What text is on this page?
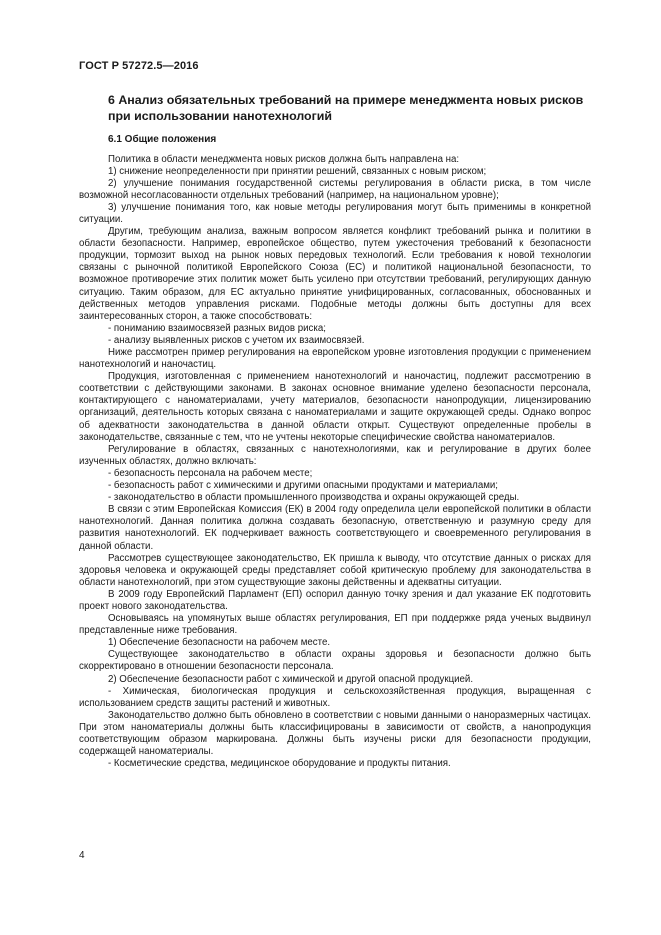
ГОСТ Р 57272.5—2016
6 Анализ обязательных требований на примере менеджмента новых рисков при использовании нанотехнологий
6.1 Общие положения

Политика в области менеджмента новых рисков должна быть направлена на:

1) снижение неопределенности при принятии решений, связанных с новым риском;

2) улучшение понимания государственной системы регулирования в области риска, в том числе возможной несогласованности отдельных требований (например, на национальном уровне);

3) улучшение понимания того, как новые методы регулирования могут быть применимы в конкретной ситуации.

Другим, требующим анализа, важным вопросом является конфликт требований рынка и политики в области безопасности. Например, европейское общество, путем ужесточения требований к безопасности продукции, тормозит выход на рынок новых передовых технологий. Если требования к новой технологии связаны с рыночной политикой Европейского Союза (ЕС) и политикой национальной безопасности, то возможное противоречие этих политик может быть усилено при отсутствии требований, регулирующих данную ситуацию. Таким образом, для ЕС актуально принятие унифицированных, согласованных, обоснованных и действенных методов управления рисками. Подобные методы должны быть доступны для всех заинтересованных сторон, а также способствовать:

- пониманию взаимосвязей разных видов риска;

- анализу выявленных рисков с учетом их взаимосвязей.

Ниже рассмотрен пример регулирования на европейском уровне изготовления продукции с применением нанотехнологий и наночастиц.

Продукция, изготовленная с применением нанотехнологий и наночастиц, подлежит рассмотрению в соответствии с действующими законами. В законах основное внимание уделено безопасности персонала, контактирующего с наноматериалами, учету материалов, безопасности нанопродукции, лицензированию организаций, деятельность которых связана с наноматериалами и защите окружающей среды. Однако вопрос об адекватности законодательства в данной области открыт. Существуют определенные пробелы в законодательстве, связанные с тем, что не учтены некоторые специфические свойства наноматериалов.

Регулирование в областях, связанных с нанотехнологиями, как и регулирование в других более изученных областях, должно включать:

- безопасность персонала на рабочем месте;

- безопасность работ с химическими и другими опасными продуктами и материалами;

- законодательство в области промышленного производства и охраны окружающей среды.

В связи с этим Европейская Комиссия (ЕК) в 2004 году определила цели европейской политики в области нанотехнологий. Данная политика должна создавать безопасную, ответственную и разумную среду для развития нанотехнологий. ЕК подчеркивает важность соответствующего и своевременного регулирования в данной области.

Рассмотрев существующее законодательство, ЕК пришла к выводу, что отсутствие данных о рисках для здоровья человека и окружающей среды представляет собой критическую проблему для законодательства в области нанотехнологий, при этом существующие законы действенны и адекватны ситуации.

В 2009 году Европейский Парламент (ЕП) оспорил данную точку зрения и дал указание ЕК подготовить проект нового законодательства.

Основываясь на упомянутых выше областях регулирования, ЕП при поддержке ряда ученых выдвинул представленные ниже требования.

1) Обеспечение безопасности на рабочем месте.

Существующее законодательство в области охраны здоровья и безопасности должно быть скорректировано в отношении безопасности персонала.

2) Обеспечение безопасности работ с химической и другой опасной продукцией.

- Химическая, биологическая продукция и сельскохозяйственная продукция, выращенная с использованием средств защиты растений и животных.

Законодательство должно быть обновлено в соответствии с новыми данными о наноразмерных частицах. При этом наноматериалы должны быть классифицированы в зависимости от свойств, а нанопродукция соответствующим образом маркирована. Должны быть изучены риски для безопасности продукции, содержащей наноматериалы.

- Косметические средства, медицинское оборудование и продукты питания.

4
